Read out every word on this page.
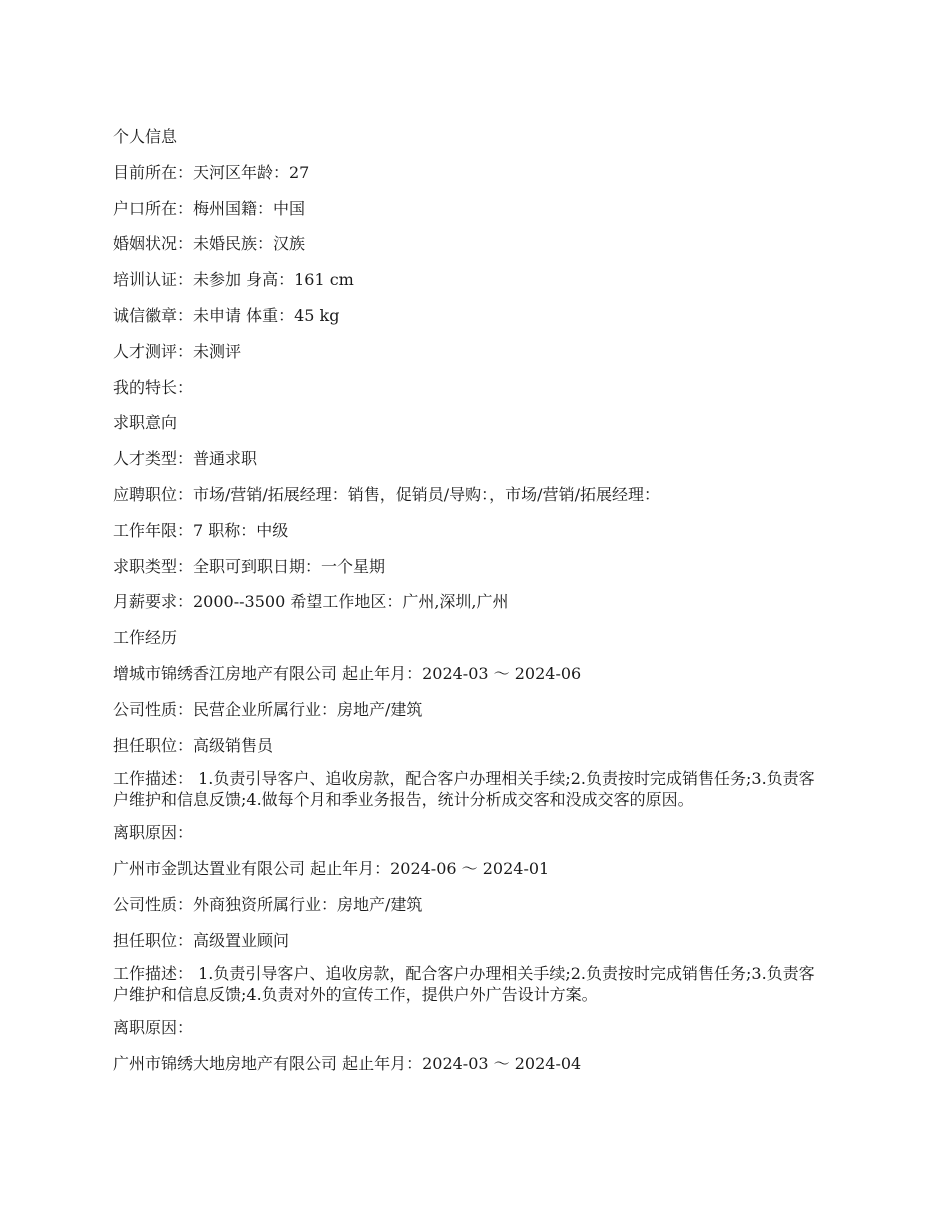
个人信息
目前所在：天河区年龄：27
户口所在：梅州国籍：中国
婚姻状况：未婚民族：汉族
培训认证：未参加 身高：161 cm
诚信徽章：未申请 体重：45 kg
人才测评：未测评
我的特长：
求职意向
人才类型：普通求职
应聘职位：市场/营销/拓展经理：销售，促销员/导购：，市场/营销/拓展经理：
工作年限：7 职称：中级
求职类型：全职可到职日期：一个星期
月薪要求：2000--3500 希望工作地区：广州,深圳,广州
工作经历
增城市锦绣香江房地产有限公司 起止年月：2024-03 ～ 2024-06
公司性质：民营企业所属行业：房地产/建筑
担任职位：高级销售员
工作描述： 1.负责引导客户、追收房款，配合客户办理相关手续;2.负责按时完成销售任务;3.负责客户维护和信息反馈;4.做每个月和季业务报告，统计分析成交客和没成交客的原因。
离职原因：
广州市金凯达置业有限公司 起止年月：2024-06 ～ 2024-01
公司性质：外商独资所属行业：房地产/建筑
担任职位：高级置业顾问
工作描述： 1.负责引导客户、追收房款，配合客户办理相关手续;2.负责按时完成销售任务;3.负责客户维护和信息反馈;4.负责对外的宣传工作，提供户外广告设计方案。
离职原因：
广州市锦绣大地房地产有限公司 起止年月：2024-03 ～ 2024-04
